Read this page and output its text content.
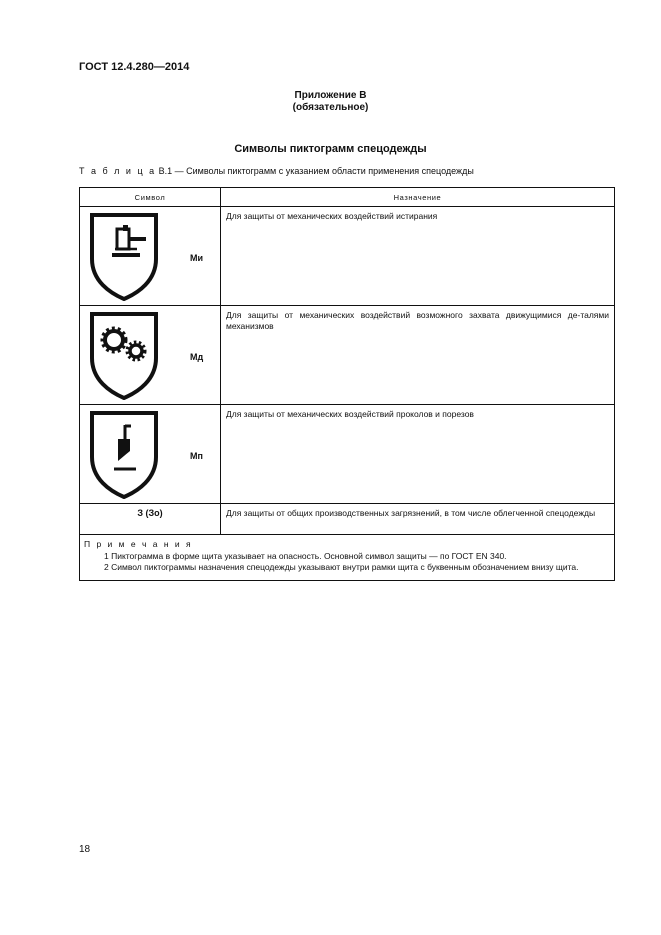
ГОСТ 12.4.280—2014
Приложение В
(обязательное)
Символы пиктограмм спецодежды
Т а б л и ц а В.1 — Символы пиктограмм с указанием области применения спецодежды
Символ	Назначение

Ми	Для защиты от механических воздействий истирания

Мд	Для защиты от механических воздействий возможного захвата движущимися де-талями механизмов

Мп	Для защиты от механических воздействий проколов и порезов
З (Зо)	Для защиты от общих производственных загрязнений, в том числе облегченной спецодежды

П р и м е ч а н и я
1 Пиктограмма в форме щита указывает на опасность. Основной символ защиты — по ГОСТ EN 340.
2 Символ пиктограммы назначения спецодежды указывают внутри рамки щита с буквенным обозначением внизу щита.	
18
